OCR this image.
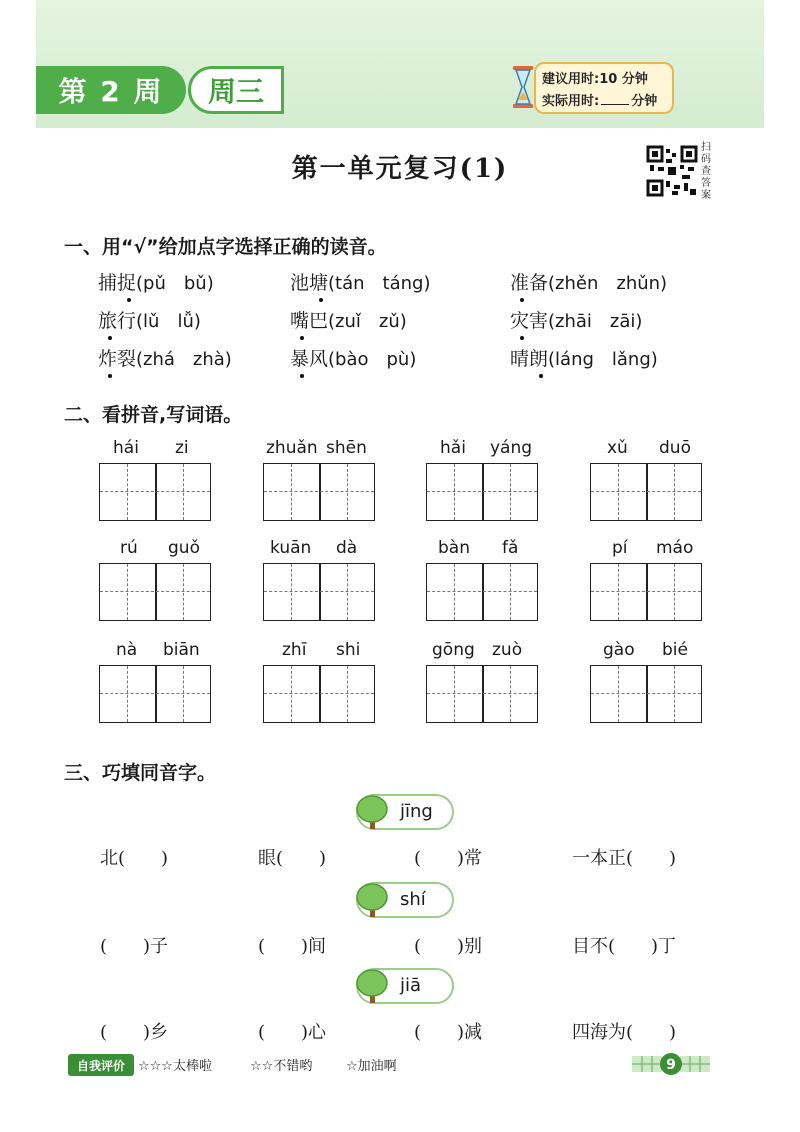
第 2 周	周三	建议用时:10 分钟
实际用时: 分钟
第一单元复习(1)
扫码查答案
一、用“√”给加点字选择正确的读音。
捕捉(pǔ　bǔ)	池塘(tán　táng)	准备(zhěn　zhǔn)
旅行(lǔ　lǚ)	嘴巴(zuǐ　zǔ)	灾害(zhāi　zāi)
炸裂(zhá　zhà)	暴风(bào　pù)	晴朗(láng　lǎng)
二、看拼音,写词语。
hái zi	zhuǎn shēn	hǎi yáng	xǔ duō
rú guǒ	kuān dà	bàn fǎ	pí máo
nà biān	zhī shi	gōng zuò	gào bié
三、巧填同音字。
jīng
北(　　)	眼(　　)	(　　)常	一本正(　　)
shí
(　　)子	(　　)间	(　　)别	目不(　　)丁
jiā
(　　)乡	(　　)心	(　　)减	四海为(　　)
自我评价	☆☆☆太棒啦	☆☆不错哟	☆加油啊	9
